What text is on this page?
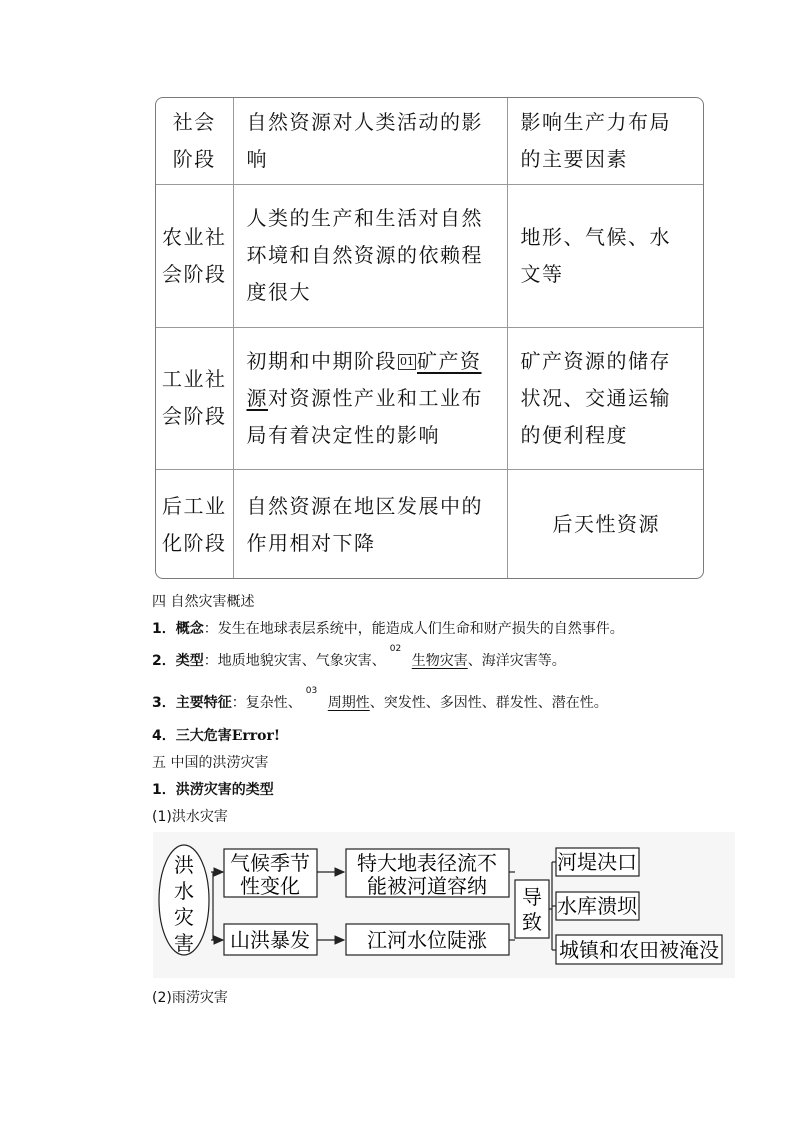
社会阶段	自然资源对人类活动的影响	影响生产力布局的主要因素
农业社会阶段	人类的生产和生活对自然环境和自然资源的依赖程度很大	地形、气候、水文等
工业社会阶段	初期和中期阶段 01 矿产资源对资源性产业和工业布局有着决定性的影响	矿产资源的储存状况、交通运输的便利程度
后工业化阶段	自然资源在地区发展中的作用相对下降	后天性资源
四 自然灾害概述
1．概念：发生在地球表层系统中，能造成人们生命和财产损失的自然事件。
2．类型：地质地貌灾害、气象灾害、
02
生物灾害、海洋灾害等。
3．主要特征：复杂性、
03
周期性、突发性、多因性、群发性、潜在性。
4．三大危害Error!
五 中国的洪涝灾害
1．洪涝灾害的类型
(1)洪水灾害
洪
水
灾
害
气候季节
性变化
山洪暴发
特大地表径流不
能被河道容纳
江河水位陡涨
导
致
河堤决口
水库溃坝
城镇和农田被淹没
(2)雨涝灾害
